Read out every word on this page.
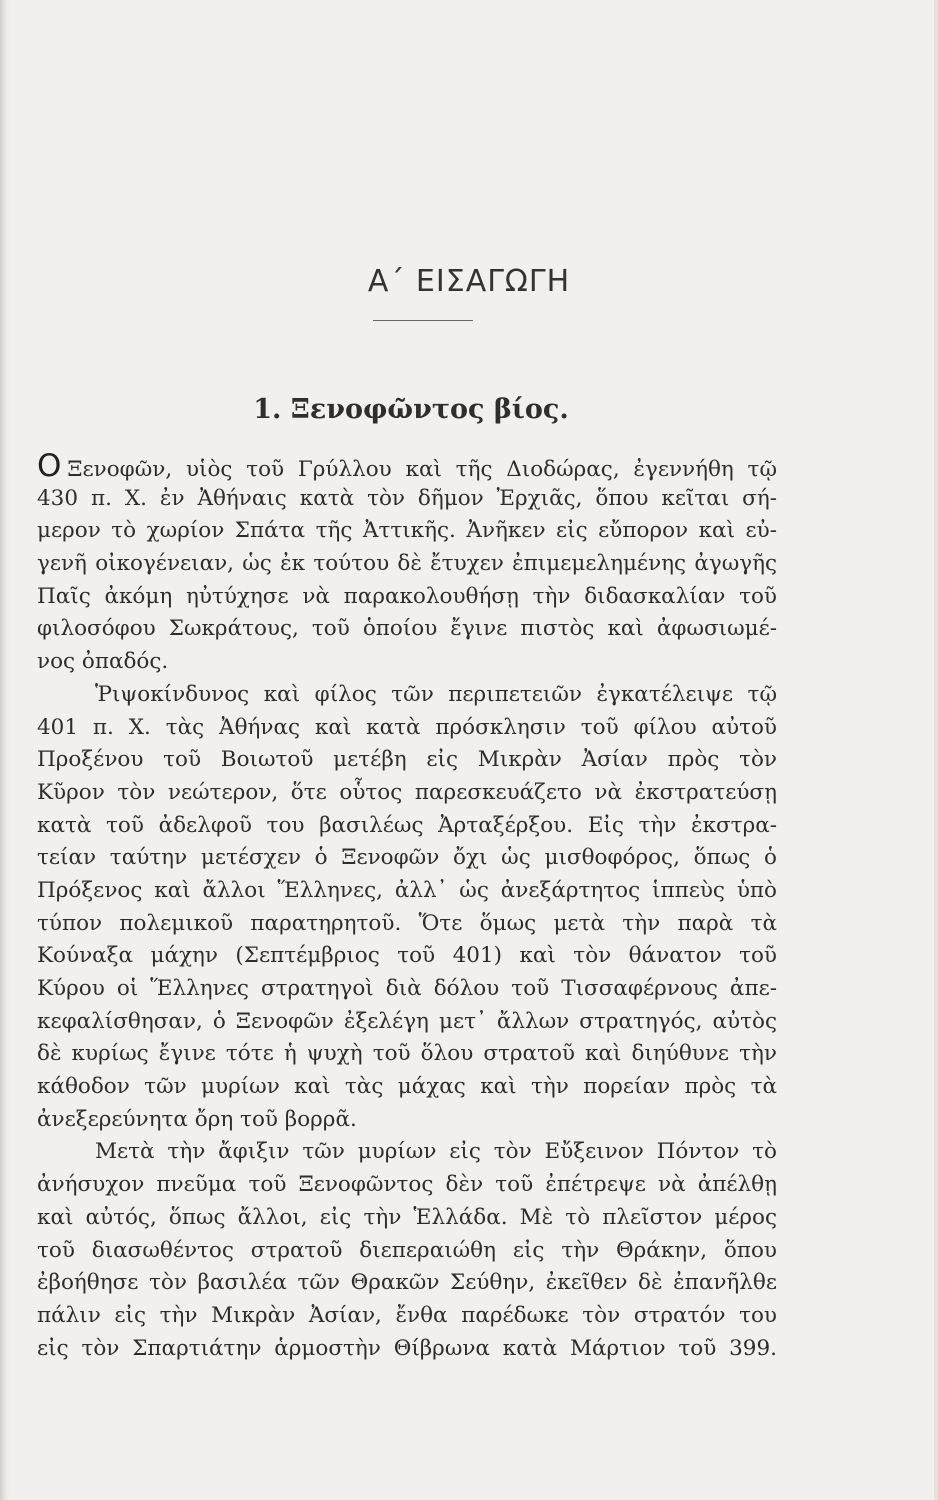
Α΄ ΕΙΣΑΓΩΓΗ
1. Ξενοφῶντος βίος.
Ο Ξενοφῶν, υἱὸς τοῦ Γρύλλου καὶ τῆς Διοδώρας, ἐγεννήθη τῷ
430 π. Χ. ἐν Ἀθήναις κατὰ τὸν δῆμον Ἐρχιᾶς, ὅπου κεῖται σή-
μερον τὸ χωρίον Σπάτα τῆς Ἀττικῆς. Ἀνῆκεν εἰς εὔπορον καὶ εὐ-
γενῆ οἰκογένειαν, ὡς ἐκ τούτου δὲ ἔτυχεν ἐπιμεμελημένης ἀγωγῆς
Παῖς ἀκόμη ηὐτύχησε νὰ παρακολουθήσῃ τὴν διδασκαλίαν τοῦ
φιλοσόφου Σωκράτους, τοῦ ὁποίου ἔγινε πιστὸς καὶ ἀφωσιωμέ-
νος ὀπαδός.
Ῥιψοκίνδυνος καὶ φίλος τῶν περιπετειῶν ἐγκατέλειψε τῷ
401 π. Χ. τὰς Ἀθήνας καὶ κατὰ πρόσκλησιν τοῦ φίλου αὐτοῦ
Προξένου τοῦ Βοιωτοῦ μετέβη εἰς Μικρὰν Ἀσίαν πρὸς τὸν
Κῦρον τὸν νεώτερον, ὅτε οὗτος παρεσκευάζετο νὰ ἐκστρατεύσῃ
κατὰ τοῦ ἀδελφοῦ του βασιλέως Ἀρταξέρξου. Εἰς τὴν ἐκστρα-
τείαν ταύτην μετέσχεν ὁ Ξενοφῶν ὄχι ὡς μισθοφόρος, ὅπως ὁ
Πρόξενος καὶ ἄλλοι Ἕλληνες, ἀλλ᾽ ὡς ἀνεξάρτητος ἱππεὺς ὑπὸ
τύπον πολεμικοῦ παρατηρητοῦ. Ὅτε ὅμως μετὰ τὴν παρὰ τὰ
Κούναξα μάχην (Σεπτέμβριος τοῦ 401) καὶ τὸν θάνατον τοῦ
Κύρου οἱ Ἕλληνες στρατηγοὶ διὰ δόλου τοῦ Τισσαφέρνους ἀπε-
κεφαλίσθησαν, ὁ Ξενοφῶν ἐξελέγη μετ᾽ ἄλλων στρατηγός, αὐτὸς
δὲ κυρίως ἔγινε τότε ἡ ψυχὴ τοῦ ὅλου στρατοῦ καὶ διηύθυνε τὴν
κάθοδον τῶν μυρίων καὶ τὰς μάχας καὶ τὴν πορείαν πρὸς τὰ
ἀνεξερεύνητα ὄρη τοῦ βορρᾶ.
Μετὰ τὴν ἄφιξιν τῶν μυρίων εἰς τὸν Εὔξεινον Πόντον τὸ
ἀνήσυχον πνεῦμα τοῦ Ξενοφῶντος δὲν τοῦ ἐπέτρεψε νὰ ἀπέλθῃ
καὶ αὐτός, ὅπως ἄλλοι, εἰς τὴν Ἑλλάδα. Μὲ τὸ πλεῖστον μέρος
τοῦ διασωθέντος στρατοῦ διεπεραιώθη εἰς τὴν Θράκην, ὅπου
ἐβοήθησε τὸν βασιλέα τῶν Θρακῶν Σεύθην, ἐκεῖθεν δὲ ἐπανῆλθε
πάλιν εἰς τὴν Μικρὰν Ἀσίαν, ἔνθα παρέδωκε τὸν στρατόν του
εἰς τὸν Σπαρτιάτην ἁρμοστὴν Θίβρωνα κατὰ Μάρτιον τοῦ 399.
